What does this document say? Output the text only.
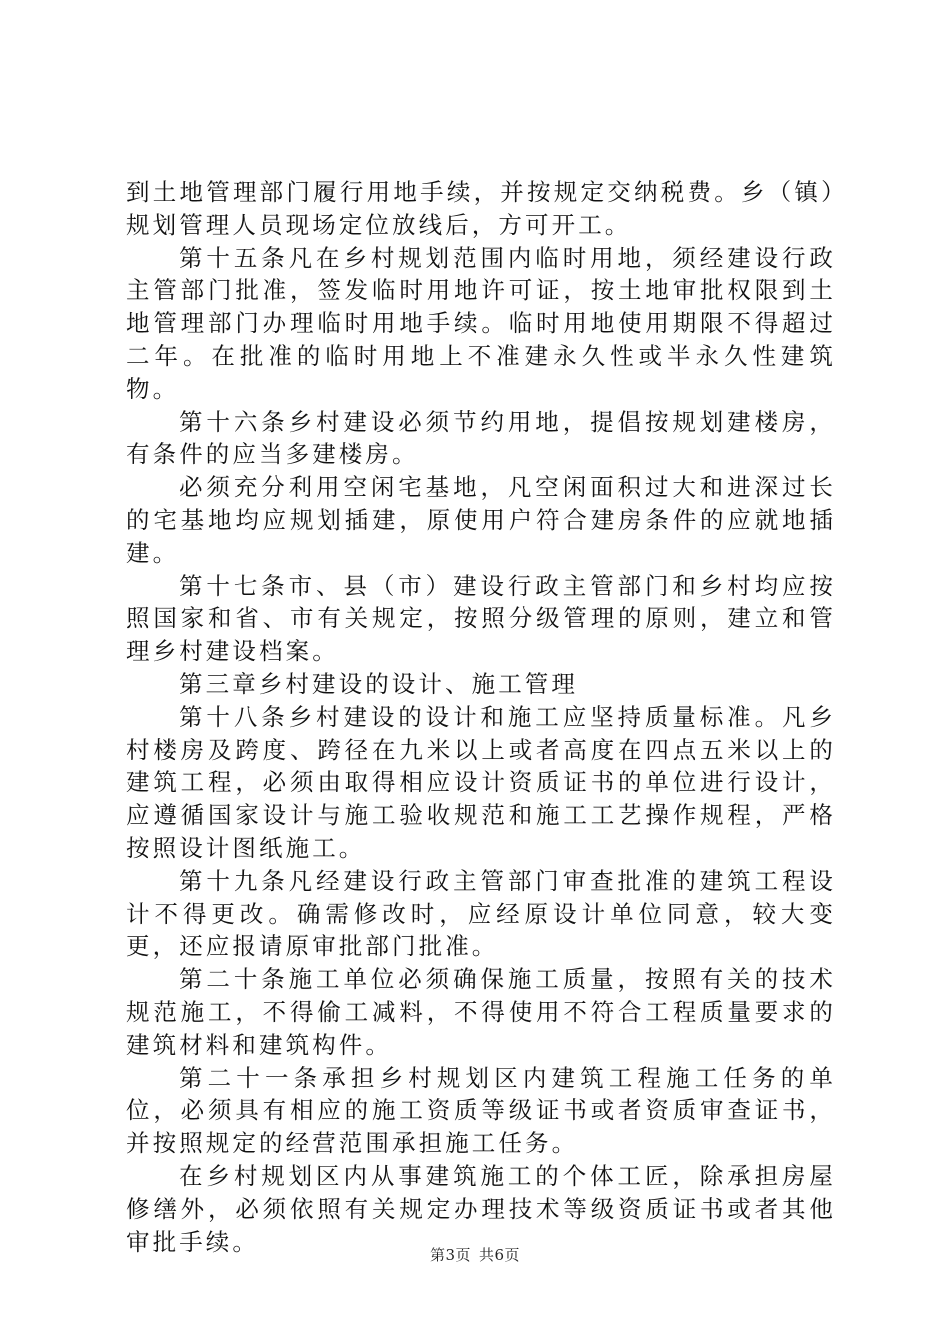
到土地管理部门履行用地手续，并按规定交纳税费。乡（镇）规划管理人员现场定位放线后，方可开工。

第十五条凡在乡村规划范围内临时用地，须经建设行政主管部门批准，签发临时用地许可证，按土地审批权限到土地管理部门办理临时用地手续。临时用地使用期限不得超过二年。在批准的临时用地上不准建永久性或半永久性建筑物。

第十六条乡村建设必须节约用地，提倡按规划建楼房，有条件的应当多建楼房。

必须充分利用空闲宅基地，凡空闲面积过大和进深过长的宅基地均应规划插建，原使用户符合建房条件的应就地插建。

第十七条市、县（市）建设行政主管部门和乡村均应按照国家和省、市有关规定，按照分级管理的原则，建立和管理乡村建设档案。

第三章乡村建设的设计、施工管理

第十八条乡村建设的设计和施工应坚持质量标准。凡乡村楼房及跨度、跨径在九米以上或者高度在四点五米以上的建筑工程，必须由取得相应设计资质证书的单位进行设计，应遵循国家设计与施工验收规范和施工工艺操作规程，严格按照设计图纸施工。

第十九条凡经建设行政主管部门审查批准的建筑工程设计不得更改。确需修改时，应经原设计单位同意，较大变更，还应报请原审批部门批准。

第二十条施工单位必须确保施工质量，按照有关的技术规范施工，不得偷工减料，不得使用不符合工程质量要求的建筑材料和建筑构件。

第二十一条承担乡村规划区内建筑工程施工任务的单位，必须具有相应的施工资质等级证书或者资质审查证书，并按照规定的经营范围承担施工任务。

在乡村规划区内从事建筑施工的个体工匠，除承担房屋修缮外，必须依照有关规定办理技术等级资质证书或者其他审批手续。	第3页 共6页
